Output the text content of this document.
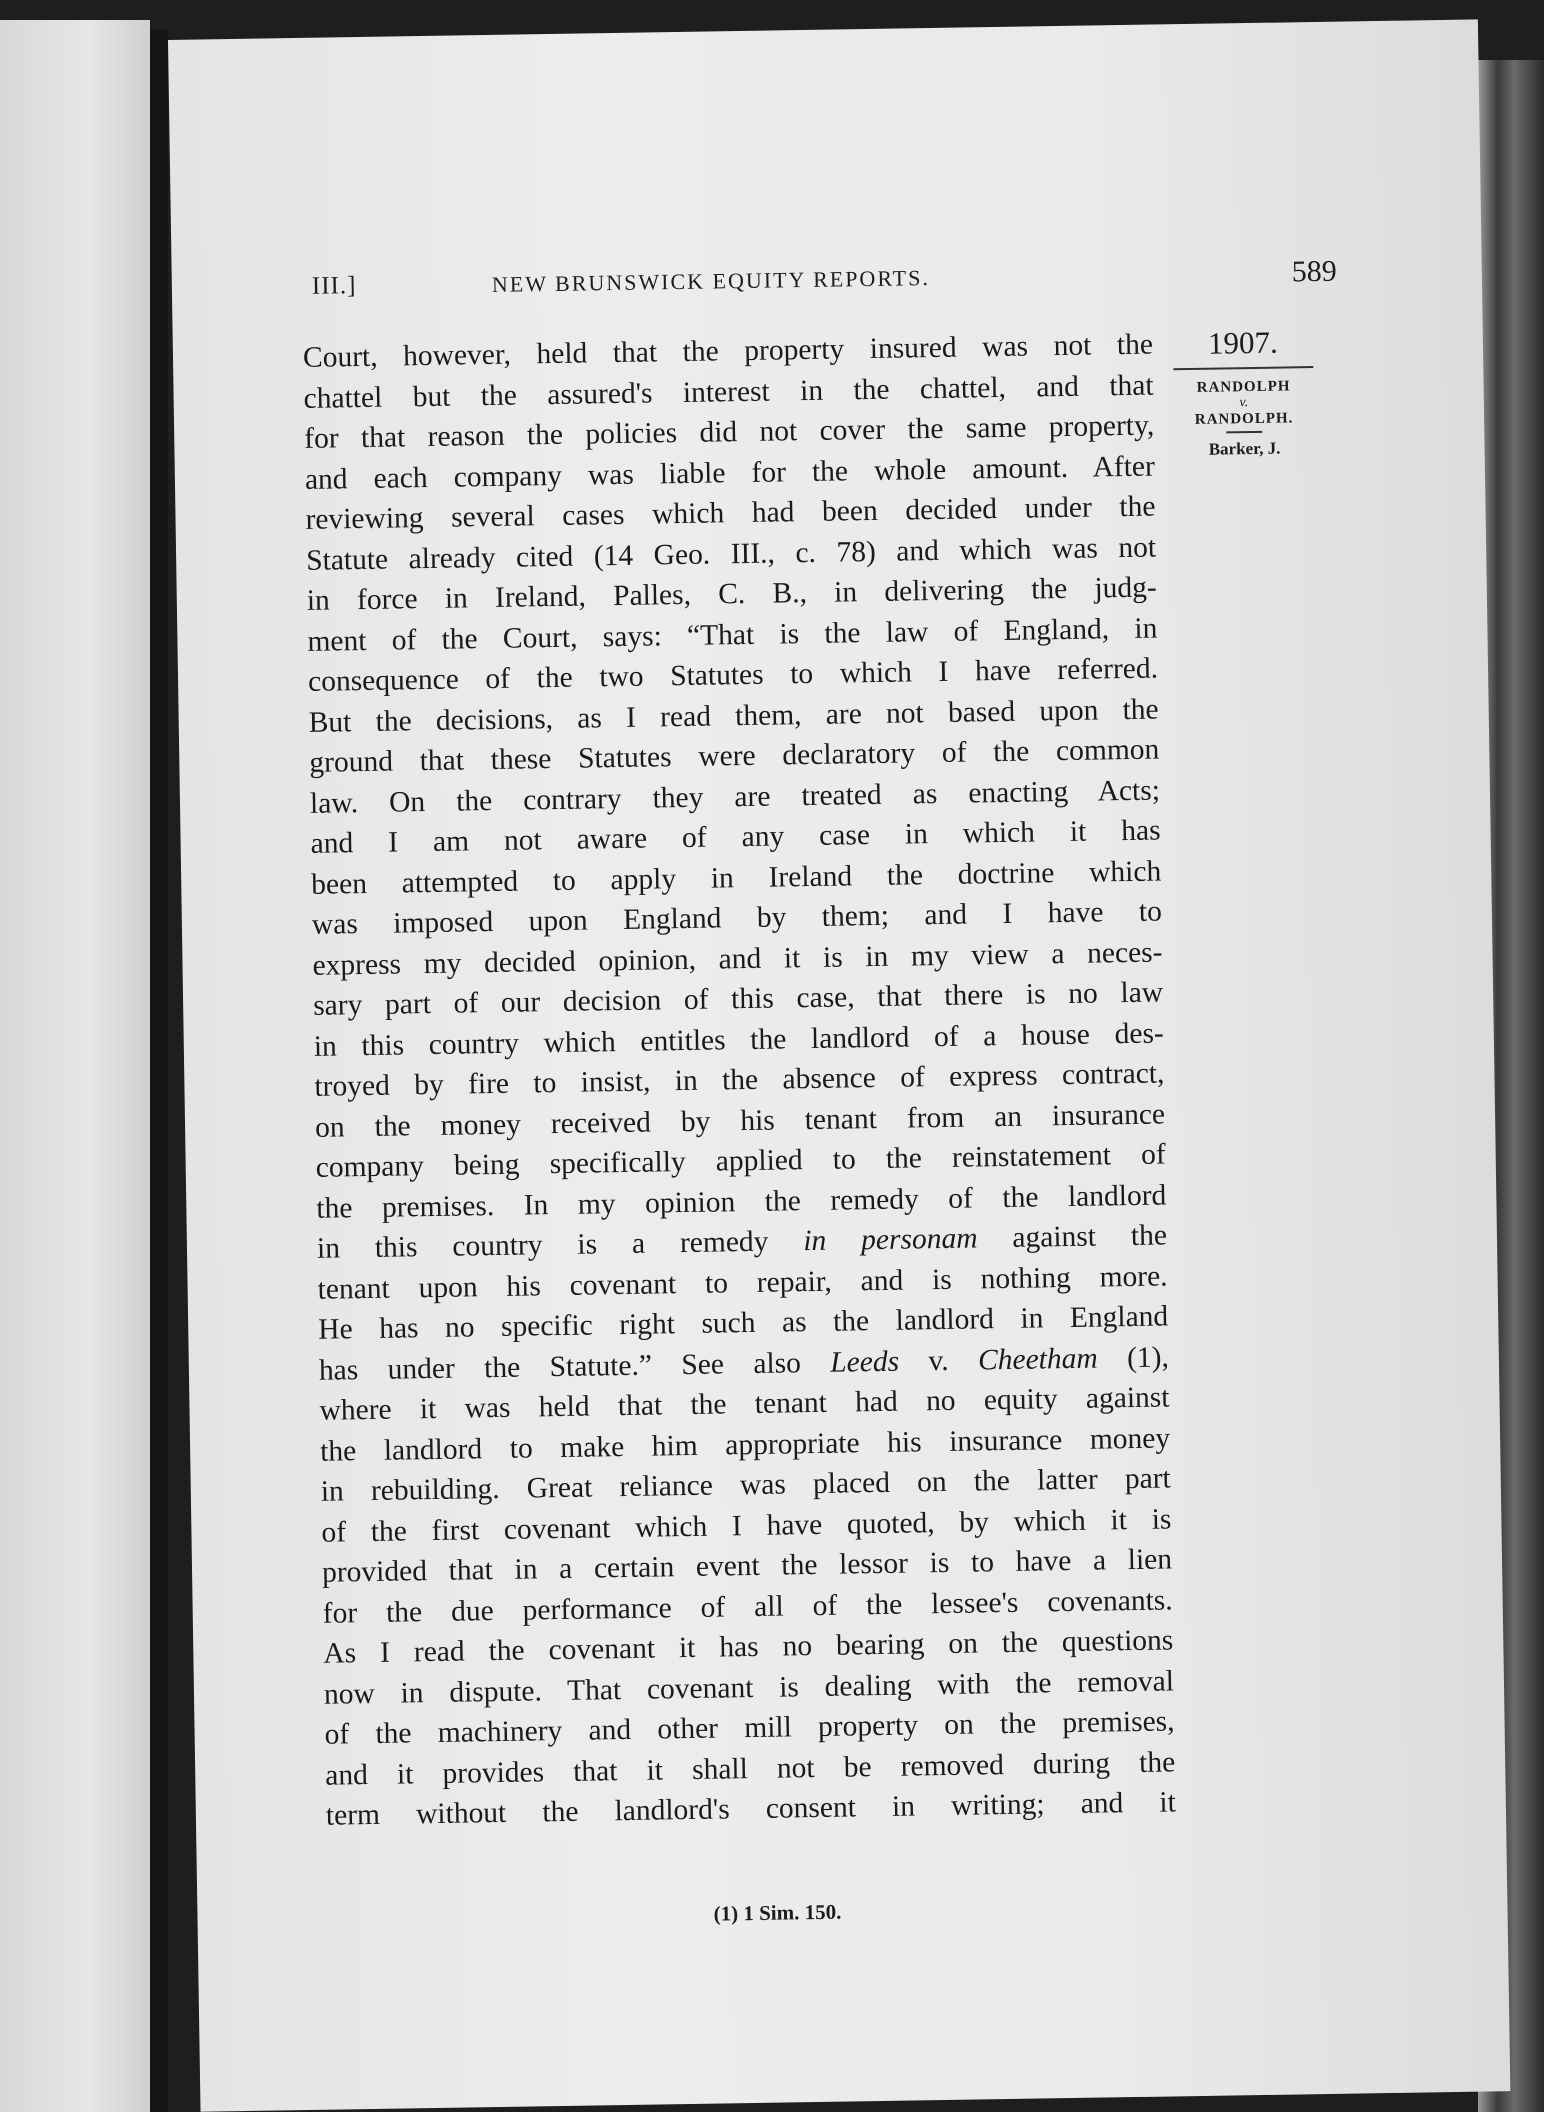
III.]	NEW BRUNSWICK EQUITY REPORTS.	589
1907.
RANDOLPH
v.
RANDOLPH.
Barker, J.
Court, however, held that the property insured was not the
chattel but the assured's interest in the chattel, and that
for that reason the policies did not cover the same property,
and each company was liable for the whole amount. After
reviewing several cases which had been decided under the
Statute already cited (14 Geo. III., c. 78) and which was not
in force in Ireland, Palles, C. B., in delivering the judg-
ment of the Court, says: “That is the law of England, in
consequence of the two Statutes to which I have referred.
But the decisions, as I read them, are not based upon the
ground that these Statutes were declaratory of the common
law. On the contrary they are treated as enacting Acts;
and I am not aware of any case in which it has
been attempted to apply in Ireland the doctrine which
was imposed upon England by them; and I have to
express my decided opinion, and it is in my view a neces-
sary part of our decision of this case, that there is no law
in this country which entitles the landlord of a house des-
troyed by fire to insist, in the absence of express contract,
on the money received by his tenant from an insurance
company being specifically applied to the reinstatement of
the premises. In my opinion the remedy of the landlord
in this country is a remedy in personam against the
tenant upon his covenant to repair, and is nothing more.
He has no specific right such as the landlord in England
has under the Statute.” See also Leeds v. Cheetham (1),
where it was held that the tenant had no equity against
the landlord to make him appropriate his insurance money
in rebuilding. Great reliance was placed on the latter part
of the first covenant which I have quoted, by which it is
provided that in a certain event the lessor is to have a lien
for the due performance of all of the lessee's covenants.
As I read the covenant it has no bearing on the questions
now in dispute. That covenant is dealing with the removal
of the machinery and other mill property on the premises,
and it provides that it shall not be removed during the
term without the landlord's consent in writing; and it
(1) 1 Sim. 150.
